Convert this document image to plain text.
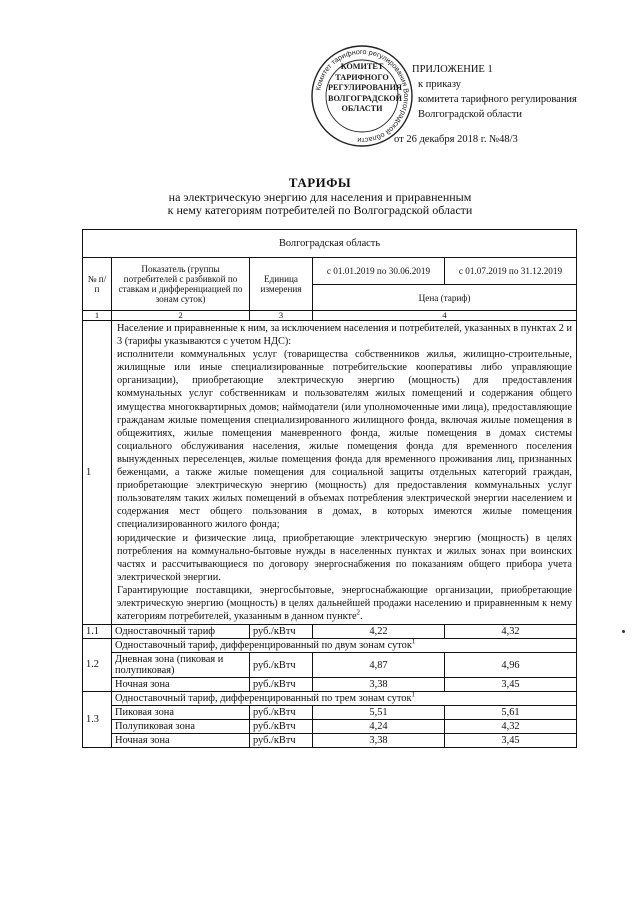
Комитет тарифного регулирования Волгоградской области
КОМИТЕТ
ТАРИФНОГО
РЕГУЛИРОВАНИЯ
ВОЛГОГРАДСКОЙ
ОБЛАСТИ
ПРИЛОЖЕНИЕ 1
к приказу
комитета тарифного регулирования
Волгоградской области
от 26 декабря 2018 г. №48/3
ТАРИФЫ
на электрическую энергию для населения и приравненным
к нему категориям потребителей по Волгоградской области
Волгоградская область				
№ п/п	Показатель (группы потребителей с разбивкой по ставкам и дифференциацией по зонам суток)	Единица измерения	с 01.01.2019 по 30.06.2019	с 01.07.2019 по 31.12.2019
			Цена (тариф)	
1	2	3	4	
1	Население и приравненные к ним, за исключением населения и потребителей, указанных в пунктах 2 и 3 (тарифы указываются с учетом НДС):

исполнители коммунальных услуг (товарищества собственников жилья, жилищно-строительные, жилищные или иные специализированные потребительские кооперативы либо управляющие организации), приобретающие электрическую энергию (мощность) для предоставления коммунальных услуг собственникам и пользователям жилых помещений и содержания общего имущества многоквартирных домов; наймодатели (или уполномоченные ими лица), предоставляющие гражданам жилые помещения специализированного жилищного фонда, включая жилые помещения в общежитиях, жилые помещения маневренного фонда, жилые помещения в домах системы социального обслуживания населения, жилые помещения фонда для временного поселения вынужденных переселенцев, жилые помещения фонда для временного проживания лиц, признанных беженцами, а также жилые помещения для социальной защиты отдельных категорий граждан, приобретающие электрическую энергию (мощность) для предоставления коммунальных услуг пользователям таких жилых помещений в объемах потребления электрической энергии населением и содержания мест общего пользования в домах, в которых имеются жилые помещения специализированного жилого фонда;

юридические и физические лица, приобретающие электрическую энергию (мощность) в целях потребления на коммунально-бытовые нужды в населенных пунктах и жилых зонах при воинских частях и рассчитывающиеся по договору энергоснабжения по показаниям общего прибора учета электрической энергии.

Гарантирующие поставщики, энергосбытовые, энергоснабжающие организации, приобретающие электрическую энергию (мощность) в целях дальнейшей продажи населению и приравненным к нему категориям потребителей, указанным в данном пункте$^2$.			

1.1	Одноставочный тариф	руб./кВтч	4,22	4,32
1.2	Одноставочный тариф, дифференцированный по двум зонам суток$^1$
	Дневная зона (пиковая и полупиковая)	руб./кВтч	4,87	4,96
	Ночная зона	руб./кВтч	3,38	3,45
1.3	Одноставочный тариф, дифференцированный по трем зонам суток$^1$
	Пиковая зона	руб./кВтч	5,51	5,61
	Полупиковая зона	руб./кВтч	4,24	4,32
	Ночная зона	руб./кВтч	3,38	3,45
